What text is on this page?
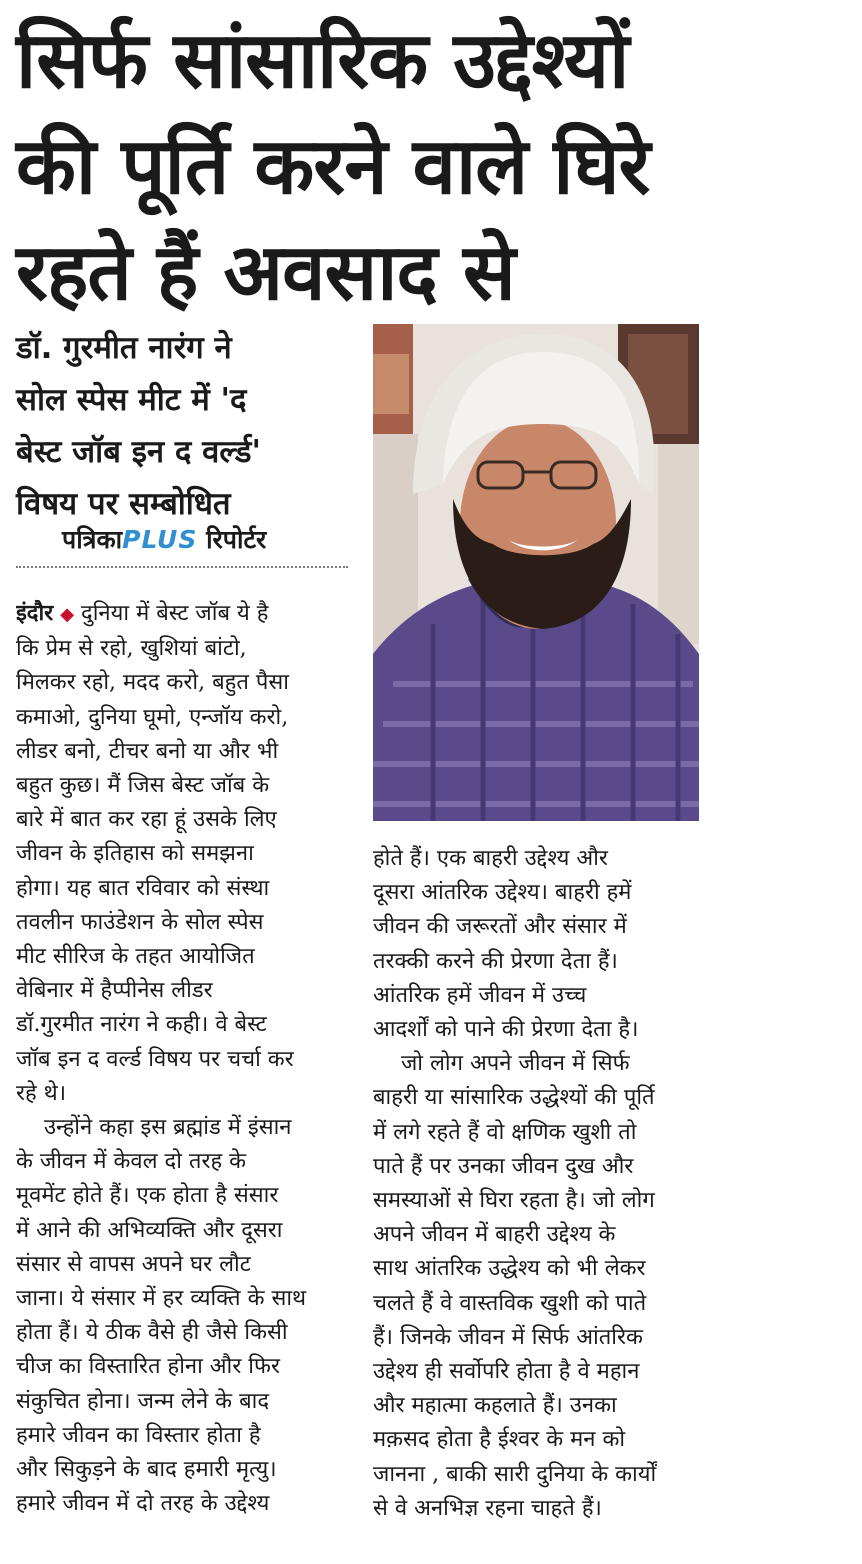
सिर्फ सांसारिक उद्देश्यों
की पूर्ति करने वाले घिरे
रहते हैं अवसाद से
डॉ. गुरमीत नारंग ने
सोल स्पेस मीट में 'द
बेस्ट जॉब इन द वर्ल्ड'
विषय पर सम्बोधित
पत्रिकाPLUS रिपोर्टर
इंदौर ◆ दुनिया में बेस्ट जॉब ये है
कि प्रेम से रहो, खुशियां बांटो,
मिलकर रहो, मदद करो, बहुत पैसा
कमाओ, दुनिया घूमो, एन्जॉय करो,
लीडर बनो, टीचर बनो या और भी
बहुत कुछ। मैं जिस बेस्ट जॉब के
बारे में बात कर रहा हूं उसके लिए
जीवन के इतिहास को समझना
होगा। यह बात रविवार को संस्था
तवलीन फाउंडेशन के सोल स्पेस
मीट सीरिज के तहत आयोजित
वेबिनार में हैप्पीनेस लीडर
डॉ.गुरमीत नारंग ने कही। वे बेस्ट
जॉब इन द वर्ल्ड विषय पर चर्चा कर
रहे थे।
उन्होंने कहा इस ब्रह्मांड में इंसान
के जीवन में केवल दो तरह के
मूवमेंट होते हैं। एक होता है संसार
में आने की अभिव्यक्ति और दूसरा
संसार से वापस अपने घर लौट
जाना। ये संसार में हर व्यक्ति के साथ
होता हैं। ये ठीक वैसे ही जैसे किसी
चीज का विस्तारित होना और फिर
संकुचित होना। जन्म लेने के बाद
हमारे जीवन का विस्तार होता है
और सिकुड़ने के बाद हमारी मृत्यु।
हमारे जीवन में दो तरह के उद्देश्य
होते हैं। एक बाहरी उद्देश्य और
दूसरा आंतरिक उद्देश्य। बाहरी हमें
जीवन की जरूरतों और संसार में
तरक्की करने की प्रेरणा देता हैं।
आंतरिक हमें जीवन में उच्च
आदर्शों को पाने की प्रेरणा देता है।
जो लोग अपने जीवन में सिर्फ
बाहरी या सांसारिक उद्धेश्यों की पूर्ति
में लगे रहते हैं वो क्षणिक खुशी तो
पाते हैं पर उनका जीवन दुख और
समस्याओं से घिरा रहता है। जो लोग
अपने जीवन में बाहरी उद्देश्य के
साथ आंतरिक उद्धेश्य को भी लेकर
चलते हैं वे वास्तविक खुशी को पाते
हैं। जिनके जीवन में सिर्फ आंतरिक
उद्देश्य ही सर्वोपरि होता है वे महान
और महात्मा कहलाते हैं। उनका
मक़सद होता है ईश्वर के मन को
जानना , बाकी सारी दुनिया के कार्यों
से वे अनभिज्ञ रहना चाहते हैं।
